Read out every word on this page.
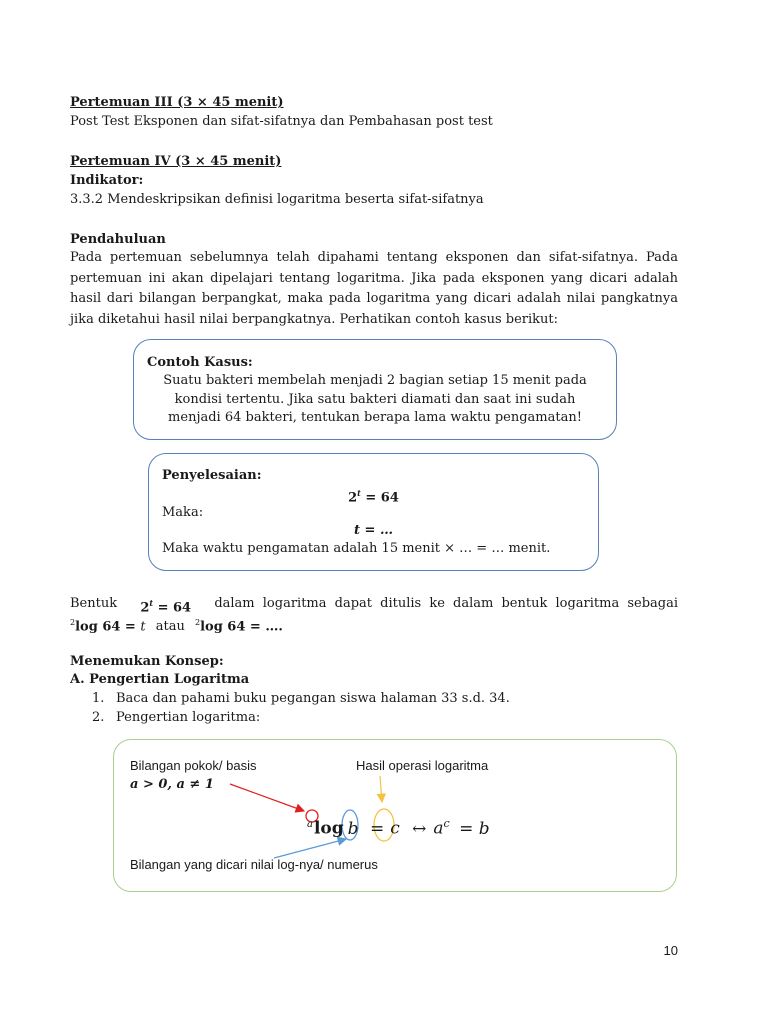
Pertemuan III (3 × 45 menit)
Post Test Eksponen dan sifat-sifatnya dan Pembahasan post test
Pertemuan IV (3 × 45 menit)
Indikator:
3.3.2 Mendeskripsikan definisi logaritma beserta sifat-sifatnya
Pendahuluan
Pada pertemuan sebelumnya telah dipahami tentang eksponen dan sifat-sifatnya. Pada pertemuan ini akan dipelajari tentang logaritma. Jika pada eksponen yang dicari adalah hasil dari bilangan berpangkat, maka pada logaritma yang dicari adalah nilai pangkatnya jika diketahui hasil nilai berpangkatnya. Perhatikan contoh kasus berikut:
Contoh Kasus:
Suatu bakteri membelah menjadi 2 bagian setiap 15 menit pada
kondisi tertentu. Jika satu bakteri diamati dan saat ini sudah
menjadi 64 bakteri, tentukan berapa lama waktu pengamatan!
Penyelesaian:
$2^t = 64$
Maka:
t = …
Maka waktu pengamatan adalah 15 menit × … = … menit.
Bentuk $2^t = 64$ dalam logaritma dapat ditulis ke dalam bentuk logaritma sebagai
$^2$log 64 = t atau $^2$log 64 = ….
Menemukan Konsep:
A. Pengertian Logaritma
1. Baca dan pahami buku pegangan siswa halaman 33 s.d. 34.
2. Pengertian logaritma:
Bilangan pokok/ basis
a > 0, a ≠ 1
Hasil operasi logaritma
Bilangan yang dicari nilai log-nya/ numerus
$^a$log b = c ↔ $a^c = b$
10
